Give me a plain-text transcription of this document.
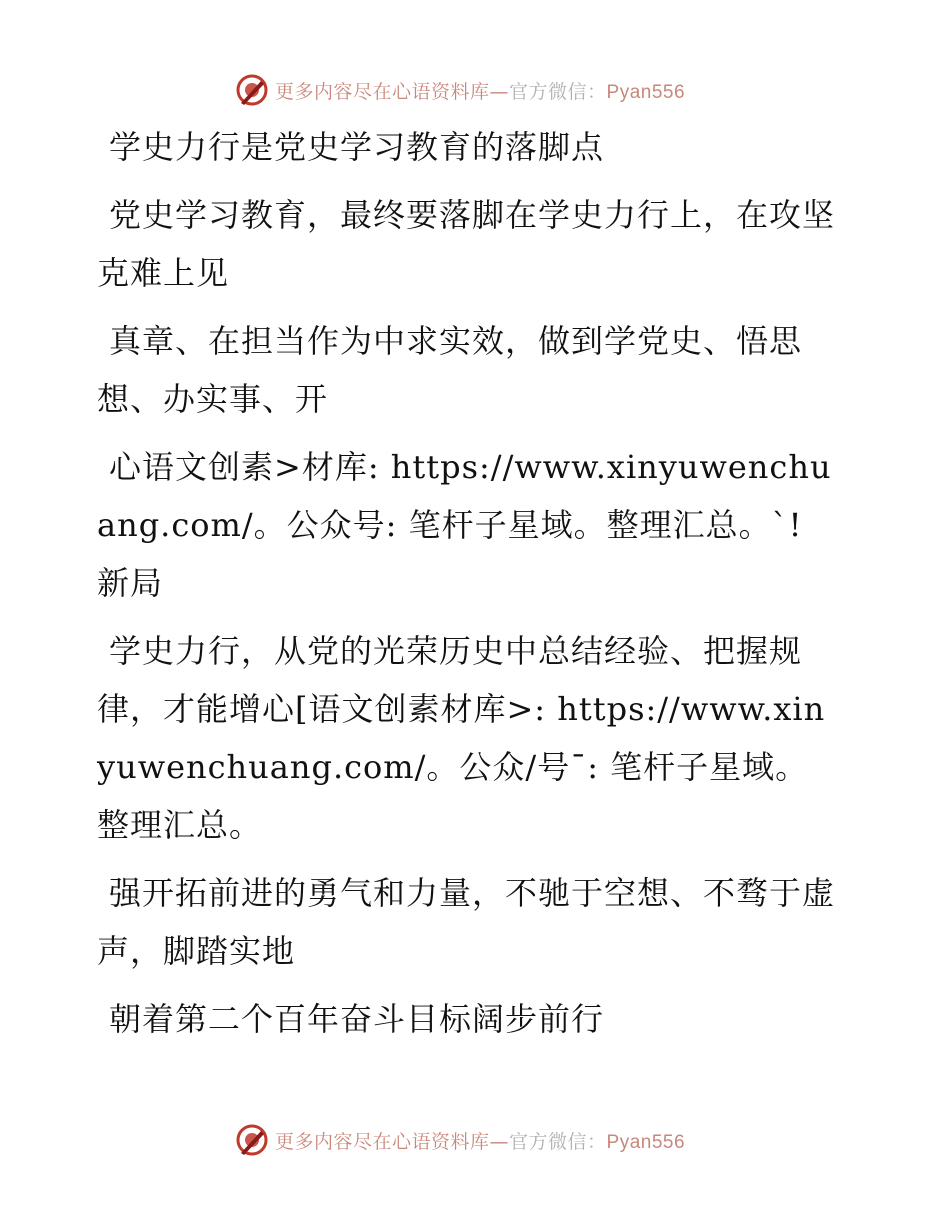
更多内容尽在心语资料库—官方微信：Pyan556

学史力行是党史学习教育的落脚点

党史学习教育，最终要落脚在学史力行上，在攻坚克难上见

真章、在担当作为中求实效，做到学党史、悟思想、办实事、开

心语文创素>材库: https://www.xinyuwenchuang.com/。公众号: 笔杆子星域。整理汇总。`! 新局

学史力行，从党的光荣历史中总结经验、把握规律，才能增心[语文创素材库>: https://www.xinyuwenchuang.com/。公众/号¯: 笔杆子星域。整理汇总。

强开拓前进的勇气和力量，不驰于空想、不骛于虚声，脚踏实地

朝着第二个百年奋斗目标阔步前行

更多内容尽在心语资料库—官方微信：Pyan556
